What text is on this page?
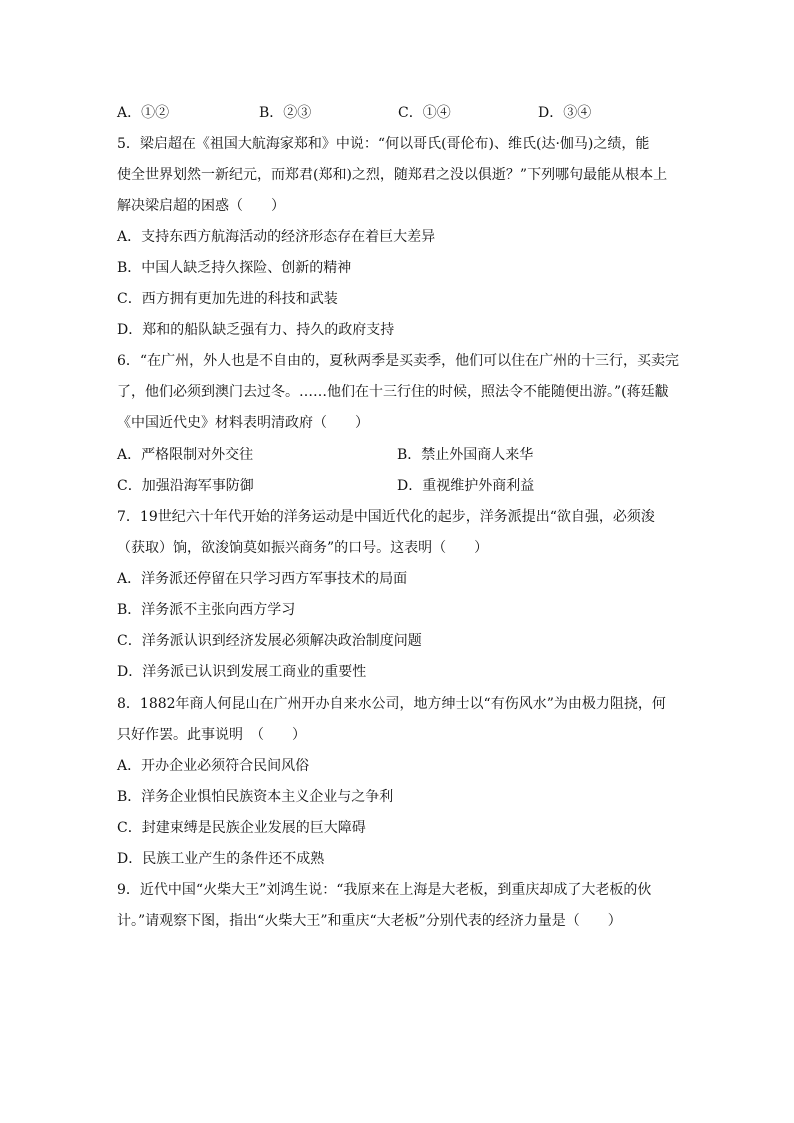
A．①②	B．②③	C．①④	D．③④
5．梁启超在《祖国大航海家郑和》中说：“何以哥氏(哥伦布)、维氏(达·伽马)之绩，能
使全世界划然一新纪元，而郑君(郑和)之烈，随郑君之没以俱逝？”下列哪句最能从根本上
解决梁启超的困惑（　　）
A．支持东西方航海活动的经济形态存在着巨大差异
B．中国人缺乏持久探险、创新的精神
C．西方拥有更加先进的科技和武装
D．郑和的船队缺乏强有力、持久的政府支持
6．“在广州，外人也是不自由的，夏秋两季是买卖季，他们可以住在广州的十三行，买卖完
了，他们必须到澳门去过冬。……他们在十三行住的时候，照法令不能随便出游。”(蒋廷黻
《中国近代史》材料表明清政府（　　）
A．严格限制对外交往	B．禁止外国商人来华
C．加强沿海军事防御	D．重视维护外商利益
7．19世纪六十年代开始的洋务运动是中国近代化的起步，洋务派提出“欲自强，必须浚
（获取）饷，欲浚饷莫如振兴商务”的口号。这表明（　　）
A．洋务派还停留在只学习西方军事技术的局面
B．洋务派不主张向西方学习
C．洋务派认识到经济发展必须解决政治制度问题
D．洋务派已认识到发展工商业的重要性
8．1882年商人何昆山在广州开办自来水公司，地方绅士以“有伤风水”为由极力阻挠，何
只好作罢。此事说明　（　　）
A．开办企业必须符合民间风俗
B．洋务企业惧怕民族资本主义企业与之争利
C．封建束缚是民族企业发展的巨大障碍
D．民族工业产生的条件还不成熟
9．近代中国“火柴大王”刘鸿生说：“我原来在上海是大老板，到重庆却成了大老板的伙
计。”请观察下图，指出“火柴大王”和重庆“大老板”分别代表的经济力量是（　　）
